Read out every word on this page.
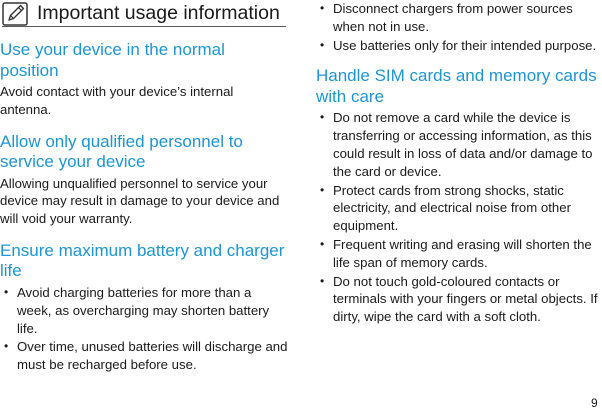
Important usage information
Use your device in the normal position

Avoid contact with your device’s internal antenna.

Allow only qualified personnel to service your device

Allowing unqualified personnel to service your device may result in damage to your device and will void your warranty.

Ensure maximum battery and charger life
• Avoid charging batteries for more than a week, as overcharging may shorten battery life.
• Over time, unused batteries will discharge and must be recharged before use.
• Disconnect chargers from power sources when not in use.
• Use batteries only for their intended purpose.
Handle SIM cards and memory cards with care
• Do not remove a card while the device is transferring or accessing information, as this could result in loss of data and/or damage to the card or device.
• Protect cards from strong shocks, static electricity, and electrical noise from other equipment.
• Frequent writing and erasing will shorten the life span of memory cards.
• Do not touch gold-coloured contacts or terminals with your fingers or metal objects. If dirty, wipe the card with a soft cloth.
9
